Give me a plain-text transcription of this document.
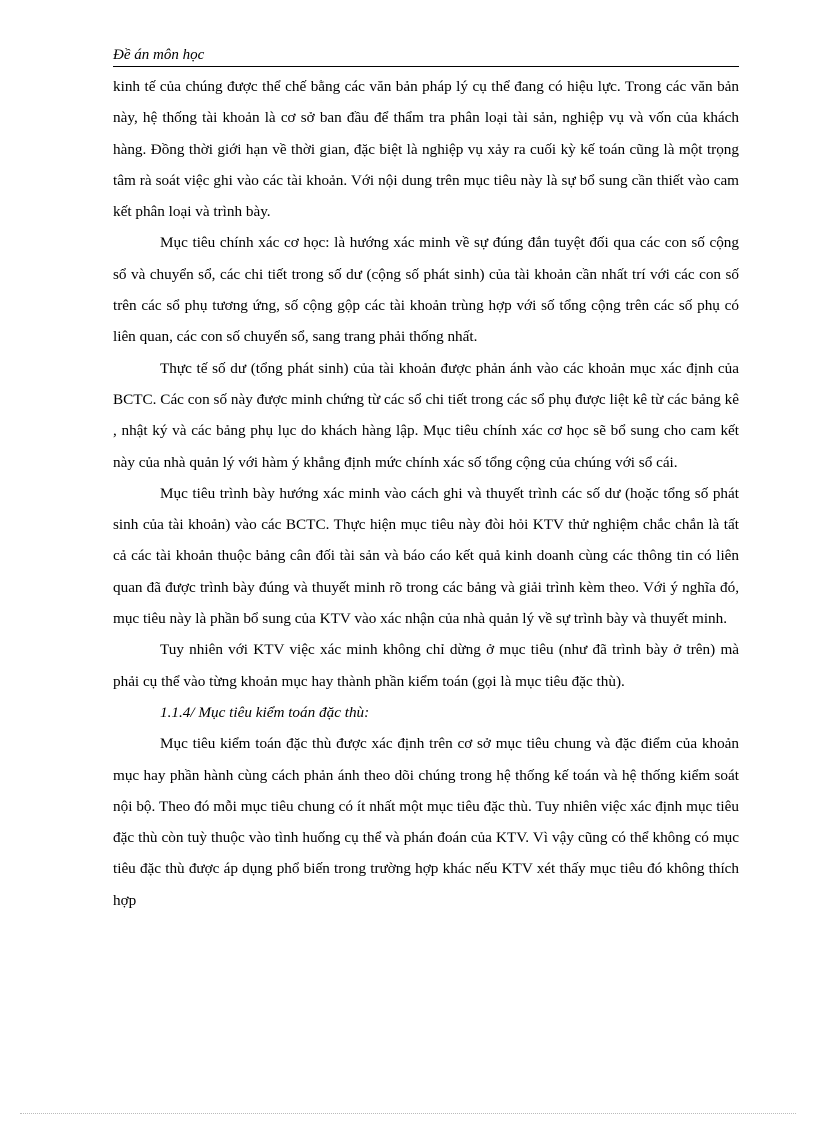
Đề án môn học

kinh tế của chúng được thể chế bằng các văn bản pháp lý cụ thể đang có hiệu lực. Trong các văn bản này, hệ thống tài khoản là cơ sở ban đầu để thẩm tra phân loại tài sản, nghiệp vụ và vốn của khách hàng. Đồng thời giới hạn về thời gian, đặc biệt là nghiệp vụ xảy ra cuối kỳ kế toán cũng là một trọng tâm rà soát việc ghi vào các tài khoản. Với nội dung trên mục tiêu này là sự bổ sung cần thiết vào cam kết phân loại và trình bày.

Mục tiêu chính xác cơ học: là hướng xác minh về sự đúng đắn tuyệt đối qua các con số cộng sổ và chuyển sổ, các chi tiết trong số dư (cộng số phát sinh) của tài khoản cần nhất trí với các con số trên các sổ phụ tương ứng, số cộng gộp các tài khoản trùng hợp với số tổng cộng trên các số phụ có liên quan, các con số chuyển sổ, sang trang phải thống nhất.

Thực tế số dư (tổng phát sinh) của tài khoản được phản ánh vào các khoản mục xác định của BCTC. Các con số này được minh chứng từ các sổ chi tiết trong các sổ phụ được liệt kê từ các bảng kê , nhật ký và các bảng phụ lục do khách hàng lập. Mục tiêu chính xác cơ học sẽ bổ sung cho cam kết này của nhà quản lý với hàm ý khẳng định mức chính xác số tổng cộng của chúng với sổ cái.

Mục tiêu trình bày hướng xác minh vào cách ghi và thuyết trình các số dư (hoặc tổng số phát sinh của tài khoản) vào các BCTC. Thực hiện mục tiêu này đòi hỏi KTV thử nghiệm chắc chắn là tất cả các tài khoản thuộc bảng cân đối tài sản và báo cáo kết quả kinh doanh cùng các thông tin có liên quan đã được trình bày đúng và thuyết minh rõ trong các bảng và giải trình kèm theo. Với ý nghĩa đó, mục tiêu này là phần bổ sung của KTV vào xác nhận của nhà quản lý về sự trình bày và thuyết minh.

Tuy nhiên với KTV việc xác minh không chỉ dừng ở mục tiêu (như đã trình bày ở trên) mà phải cụ thể vào từng khoản mục hay thành phần kiểm toán (gọi là mục tiêu đặc thù).

1.1.4/ Mục tiêu kiểm toán đặc thù:

Mục tiêu kiểm toán đặc thù được xác định trên cơ sở mục tiêu chung và đặc điểm của khoản mục hay phần hành cùng cách phản ánh theo dõi chúng trong hệ thống kế toán và hệ thống kiểm soát nội bộ. Theo đó mỗi mục tiêu chung có ít nhất một mục tiêu đặc thù. Tuy nhiên việc xác định mục tiêu đặc thù còn tuỳ thuộc vào tình huống cụ thể và phán đoán của KTV. Vì vậy cũng có thể không có mục tiêu đặc thù được áp dụng phổ biến trong trường hợp khác nếu KTV xét thấy mục tiêu đó không thích hợp
